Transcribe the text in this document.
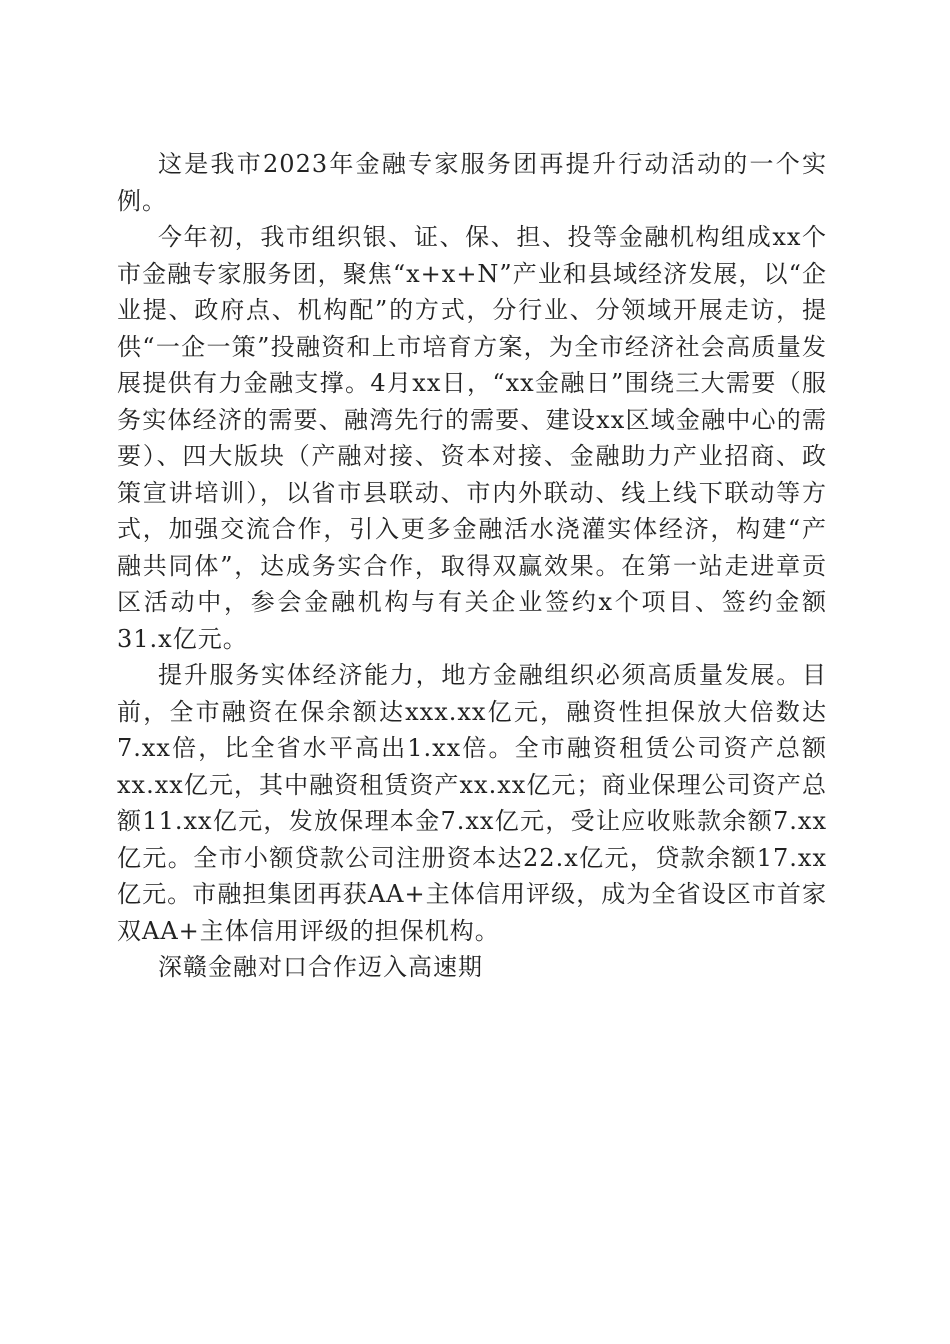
这是我市2023年金融专家服务团再提升行动活动的一个实例。

今年初，我市组织银、证、保、担、投等金融机构组成xx个市金融专家服务团，聚焦“x+x+N”产业和县域经济发展，以“企业提、政府点、机构配”的方式，分行业、分领域开展走访，提供“一企一策”投融资和上市培育方案，为全市经济社会高质量发展提供有力金融支撑。4月xx日，“xx金融日”围绕三大需要（服务实体经济的需要、融湾先行的需要、建设xx区域金融中心的需要）、四大版块（产融对接、资本对接、金融助力产业招商、政策宣讲培训），以省市县联动、市内外联动、线上线下联动等方式，加强交流合作，引入更多金融活水浇灌实体经济，构建“产融共同体”，达成务实合作，取得双赢效果。在第一站走进章贡区活动中，参会金融机构与有关企业签约x个项目、签约金额31.x亿元。

提升服务实体经济能力，地方金融组织必须高质量发展。目前，全市融资在保余额达xxx.xx亿元，融资性担保放大倍数达7.xx倍，比全省水平高出1.xx倍。全市融资租赁公司资产总额xx.xx亿元，其中融资租赁资产xx.xx亿元；商业保理公司资产总额11.xx亿元，发放保理本金7.xx亿元，受让应收账款余额7.xx亿元。全市小额贷款公司注册资本达22.x亿元，贷款余额17.xx亿元。市融担集团再获AA+主体信用评级，成为全省设区市首家双AA+主体信用评级的担保机构。

深赣金融对口合作迈入高速期
